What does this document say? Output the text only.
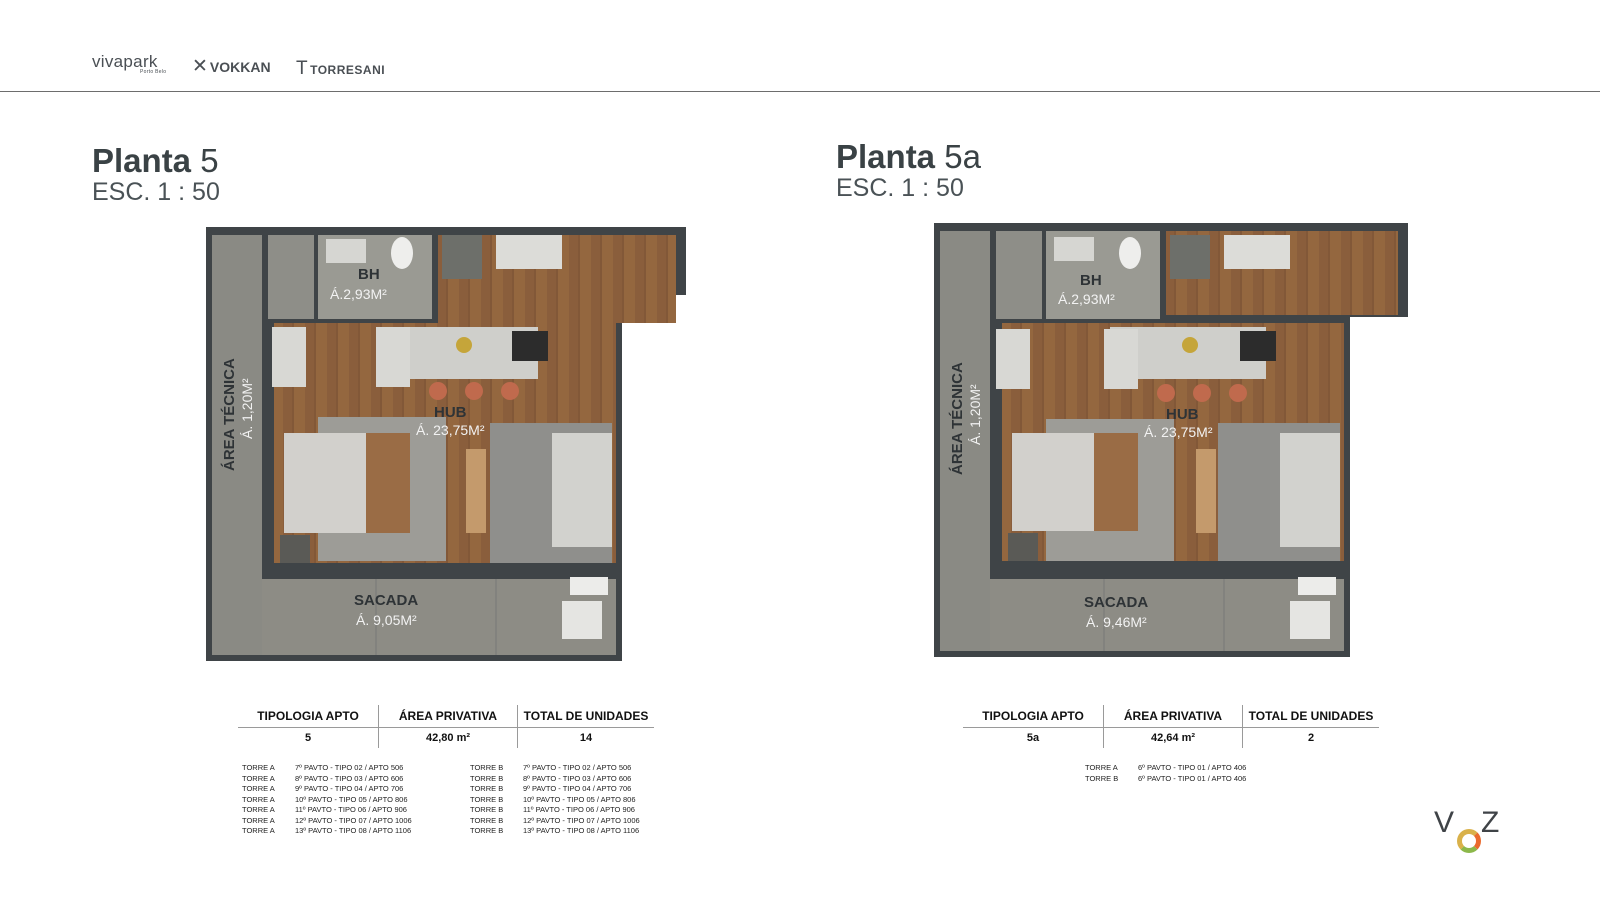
vivapark
Porto Belo ✕ VOKKAN TTORRESANI
Planta 5
ESC. 1 : 50
Planta 5a
ESC. 1 : 50
BH
Á.2,93M²
HUB
Á. 23,75M²
ÁREA TÉCNICA Á. 1,20M²
SACADA
Á. 9,05M²
BH
Á.2,93M²
HUB
Á. 23,75M²
ÁREA TÉCNICA Á. 1,20M²
SACADA
Á. 9,46M²
TIPOLOGIA APTO	ÁREA PRIVATIVA	TOTAL DE UNIDADES
5	42,80 m²	14
TIPOLOGIA APTO	ÁREA PRIVATIVA	TOTAL DE UNIDADES
5a	42,64 m²	2
TORRE A	7º PAVTO - TIPO 02 / APTO 506
TORRE A	8º PAVTO - TIPO 03 / APTO 606
TORRE A	9º PAVTO - TIPO 04 / APTO 706
TORRE A	10º PAVTO - TIPO 05 / APTO 806
TORRE A	11º PAVTO - TIPO 06 / APTO 906
TORRE A	12º PAVTO - TIPO 07 / APTO 1006
TORRE A	13º PAVTO - TIPO 08 / APTO 1106
TORRE B	7º PAVTO - TIPO 02 / APTO 506
TORRE B	8º PAVTO - TIPO 03 / APTO 606
TORRE B	9º PAVTO - TIPO 04 / APTO 706
TORRE B	10º PAVTO - TIPO 05 / APTO 806
TORRE B	11º PAVTO - TIPO 06 / APTO 906
TORRE B	12º PAVTO - TIPO 07 / APTO 1006
TORRE B	13º PAVTO - TIPO 08 / APTO 1106
TORRE A	6º PAVTO - TIPO 01 / APTO 406
TORRE B	6º PAVTO - TIPO 01 / APTO 406
V Z
